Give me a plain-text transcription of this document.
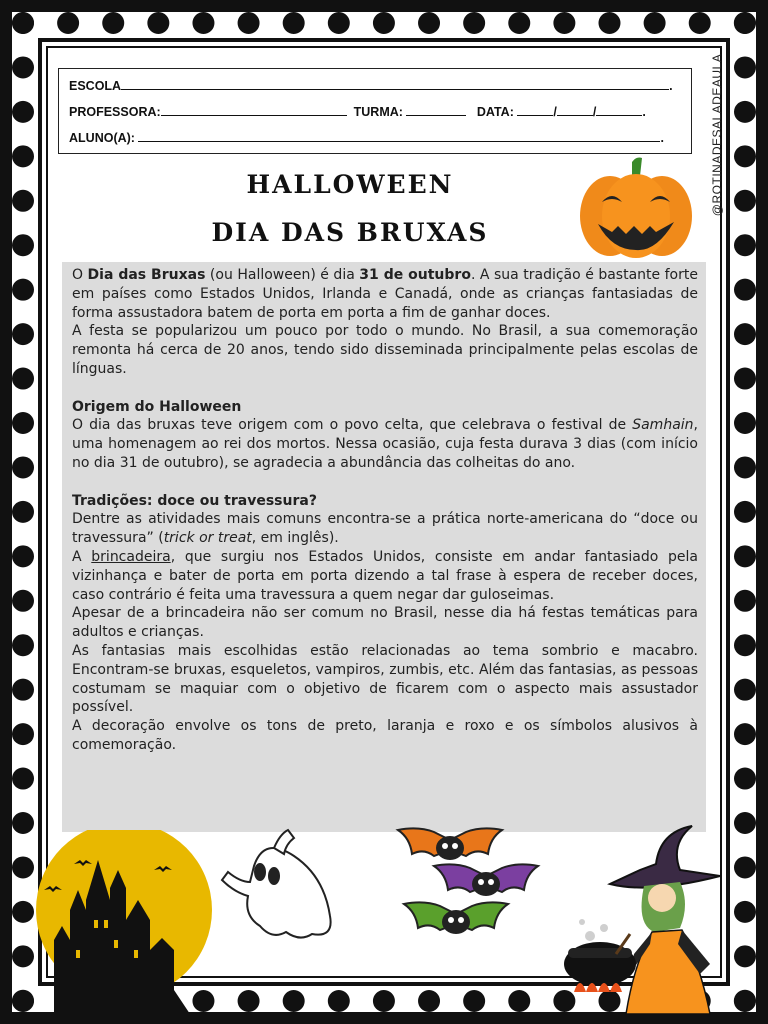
ESCOLA	.
PROFESSORA:	TURMA:	DATA:	/	/	.
ALUNO(A):	.	@ROTINADESALADEAULA
HALLOWEEN
DIA DAS BRUXAS

O Dia das Bruxas (ou Halloween) é dia 31 de outubro. A sua tradição é bastante forte em países como Estados Unidos, Irlanda e Canadá, onde as crianças fantasiadas de forma assustadora batem de porta em porta a fim de ganhar doces.

A festa se popularizou um pouco por todo o mundo. No Brasil, a sua comemoração remonta há cerca de 20 anos, tendo sido disseminada principalmente pelas escolas de línguas.

Origem do Halloween

O dia das bruxas teve origem com o povo celta, que celebrava o festival de Samhain, uma homenagem ao rei dos mortos. Nessa ocasião, cuja festa durava 3 dias (com início no dia 31 de outubro), se agradecia a abundância das colheitas do ano.

Tradições: doce ou travessura?

Dentre as atividades mais comuns encontra-se a prática norte-americana do “doce ou travessura” (trick or treat, em inglês).

A brincadeira, que surgiu nos Estados Unidos, consiste em andar fantasiado pela vizinhança e bater de porta em porta dizendo a tal frase à espera de receber doces, caso contrário é feita uma travessura a quem negar dar guloseimas.

Apesar de a brincadeira não ser comum no Brasil, nesse dia há festas temáticas para adultos e crianças.

As fantasias mais escolhidas estão relacionadas ao tema sombrio e macabro. Encontram-se bruxas, esqueletos, vampiros, zumbis, etc. Além das fantasias, as pessoas costumam se maquiar com o objetivo de ficarem com o aspecto mais assustador possível.

A decoração envolve os tons de preto, laranja e roxo e os símbolos alusivos à comemoração.
